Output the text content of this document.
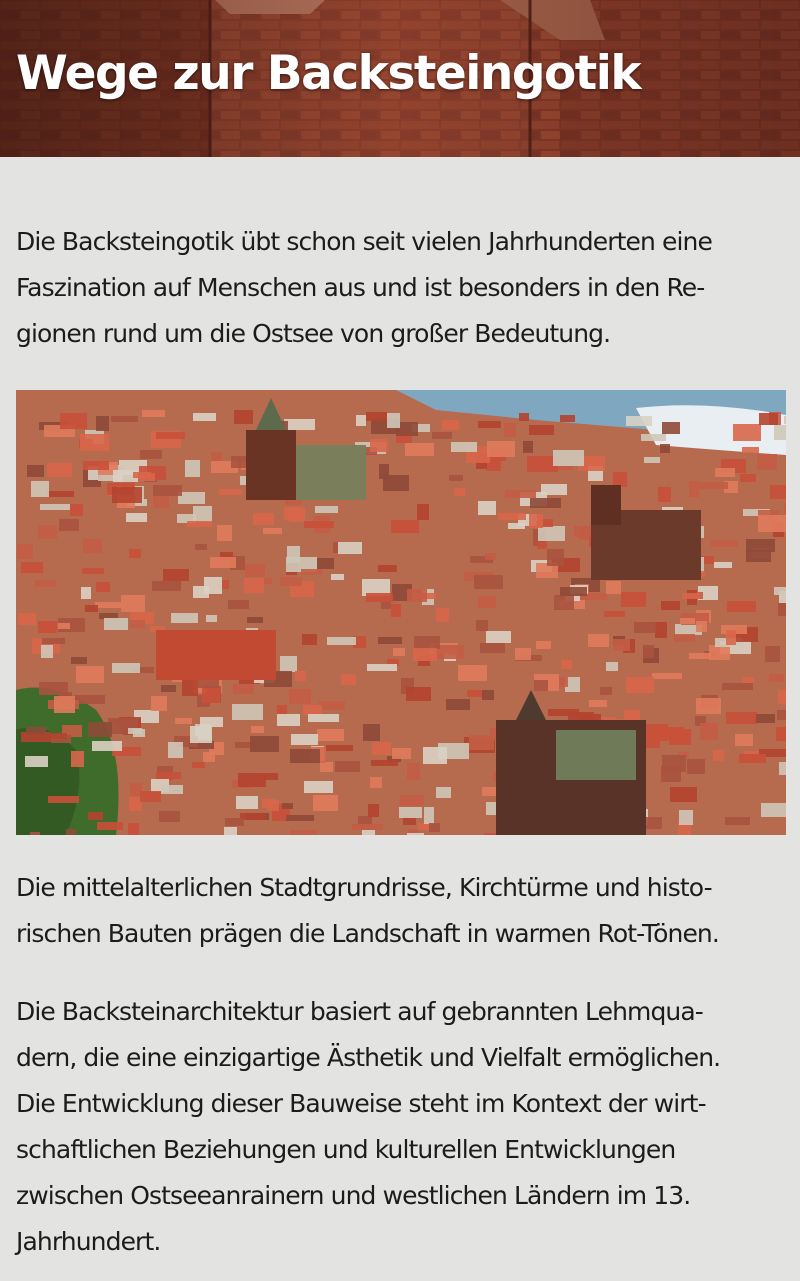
Wege zur Backsteingotik

Die Backsteingotik übt schon seit vielen Jahrhunderten eine
Faszination auf Menschen aus und ist besonders in den Re-
gionen rund um die Ostsee von großer Bedeutung.

Die mittelalterlichen Stadtgrundrisse, Kirchtürme und histo-
rischen Bauten prägen die Landschaft in warmen Rot-Tönen.

Die Backsteinarchitektur basiert auf gebrannten Lehmqua-
dern, die eine einzigartige Ästhetik und Vielfalt ermöglichen.
Die Entwicklung dieser Bauweise steht im Kontext der wirt-
schaftlichen Beziehungen und kulturellen Entwicklungen
zwischen Ostseeanrainern und westlichen Ländern im 13.
Jahrhundert.
